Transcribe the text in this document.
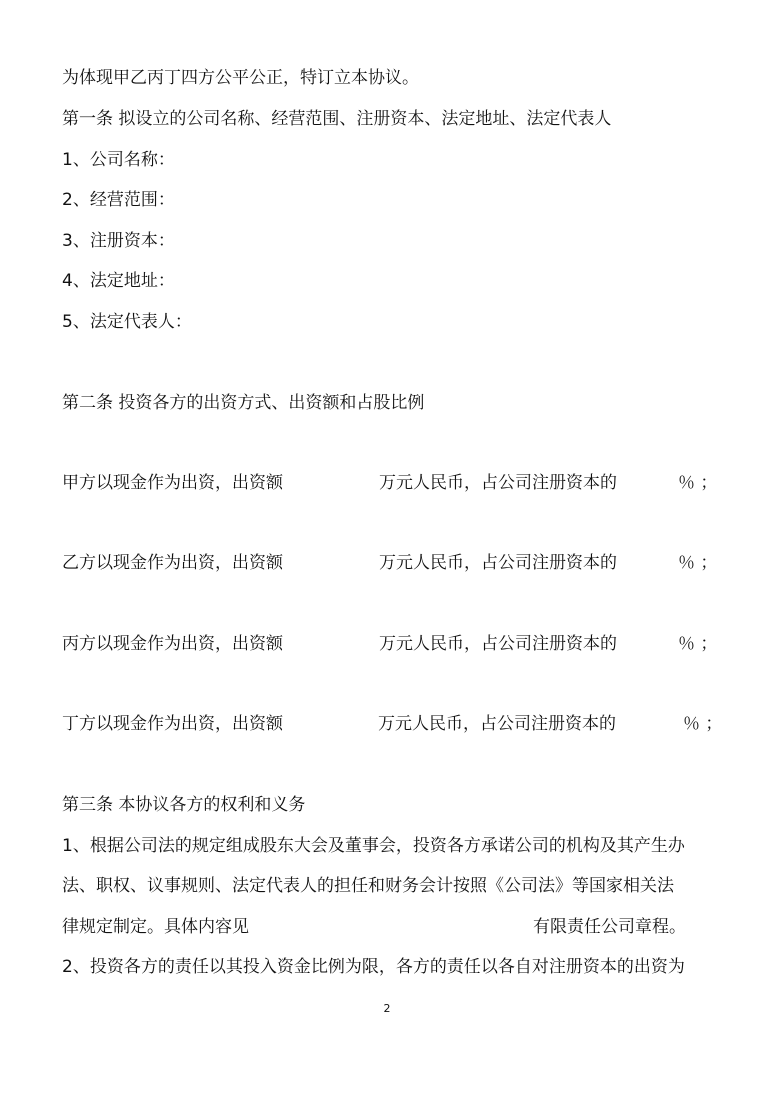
为体现甲乙丙丁四方公平公正，特订立本协议。
第一条 拟设立的公司名称、经营范围、注册资本、法定地址、法定代表人
1、公司名称：
2、经营范围：
3、注册资本：
4、法定地址：
5、法定代表人：
第二条 投资各方的出资方式、出资额和占股比例
甲方以现金作为出资，出资额	万元人民币，占公司注册资本的	％ ；
乙方以现金作为出资，出资额	万元人民币，占公司注册资本的	％ ；
丙方以现金作为出资，出资额	万元人民币，占公司注册资本的	％ ；
丁方以现金作为出资，出资额	万元人民币，占公司注册资本的	％ ；
第三条 本协议各方的权利和义务
1、根据公司法的规定组成股东大会及董事会，投资各方承诺公司的机构及其产生办
法、职权、议事规则、法定代表人的担任和财务会计按照《公司法》等国家相关法
律规定制定。具体内容见	有限责任公司章程。
2、投资各方的责任以其投入资金比例为限，各方的责任以各自对注册资本的出资为
2
